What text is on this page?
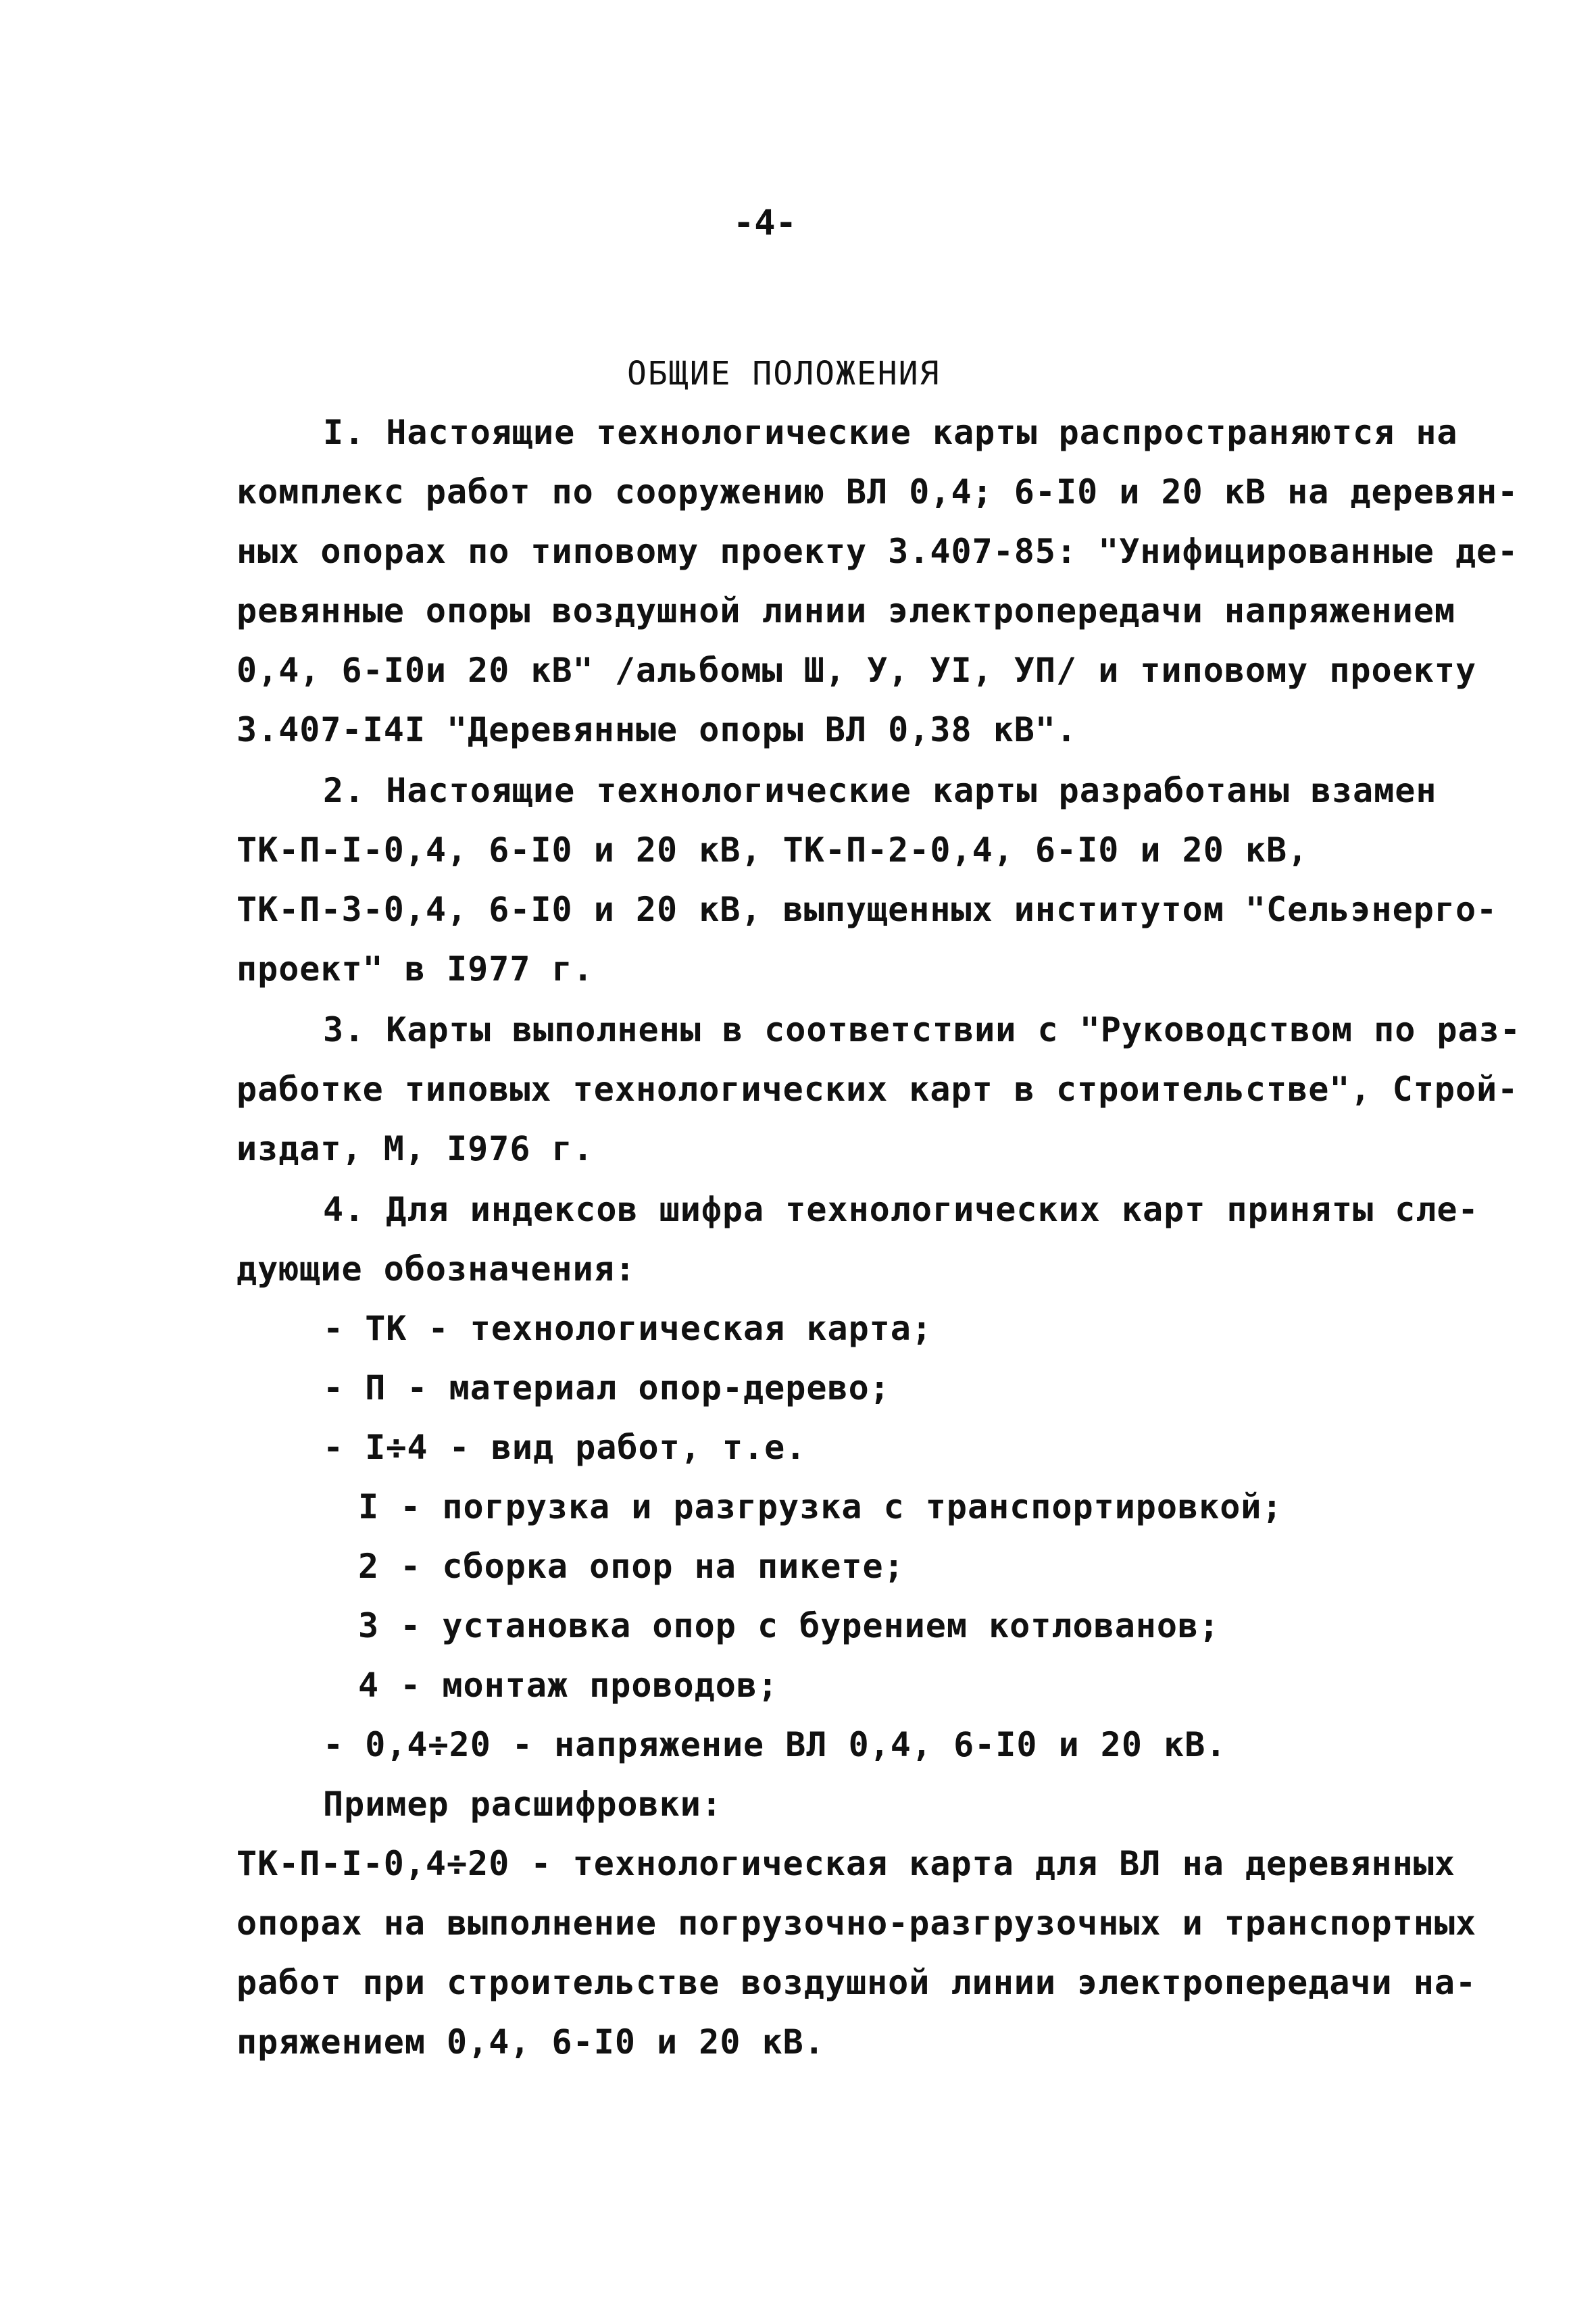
-4-
ОБЩИЕ ПОЛОЖЕНИЯ
I. Настоящие технологические карты распространяются на
комплекс работ по сооружению ВЛ 0,4; 6-I0 и 20 кВ на деревян-
ных опорах по типовому проекту 3.407-85: "Унифицированные де-
ревянные опоры воздушной линии электропередачи напряжением
0,4, 6-I0и 20 кВ" /альбомы Ш, У, УI, УП/ и типовому проекту
3.407-I4I "Деревянные опоры ВЛ 0,38 кВ".
2. Настоящие технологические карты разработаны взамен
ТК-П-I-0,4, 6-I0 и 20 кВ, ТК-П-2-0,4, 6-I0 и 20 кВ,
ТК-П-3-0,4, 6-I0 и 20 кВ, выпущенных институтом "Сельэнерго-
проект" в I977 г.
3. Карты выполнены в соответствии с "Руководством по раз-
работке типовых технологических карт в строительстве", Строй-
издат, М, I976 г.
4. Для индексов шифра технологических карт приняты сле-
дующие обозначения:
- ТК - технологическая карта;
- П - материал опор-дерево;
- I÷4 - вид работ, т.е.
I - погрузка и разгрузка с транспортировкой;
2 - сборка опор на пикете;
3 - установка опор с бурением котлованов;
4 - монтаж проводов;
- 0,4÷20 - напряжение ВЛ 0,4, 6-I0 и 20 кВ.
Пример расшифровки:
ТК-П-I-0,4÷20 - технологическая карта для ВЛ на деревянных
опорах на выполнение погрузочно-разгрузочных и транспортных
работ при строительстве воздушной линии электропередачи на-
пряжением 0,4, 6-I0 и 20 кВ.
